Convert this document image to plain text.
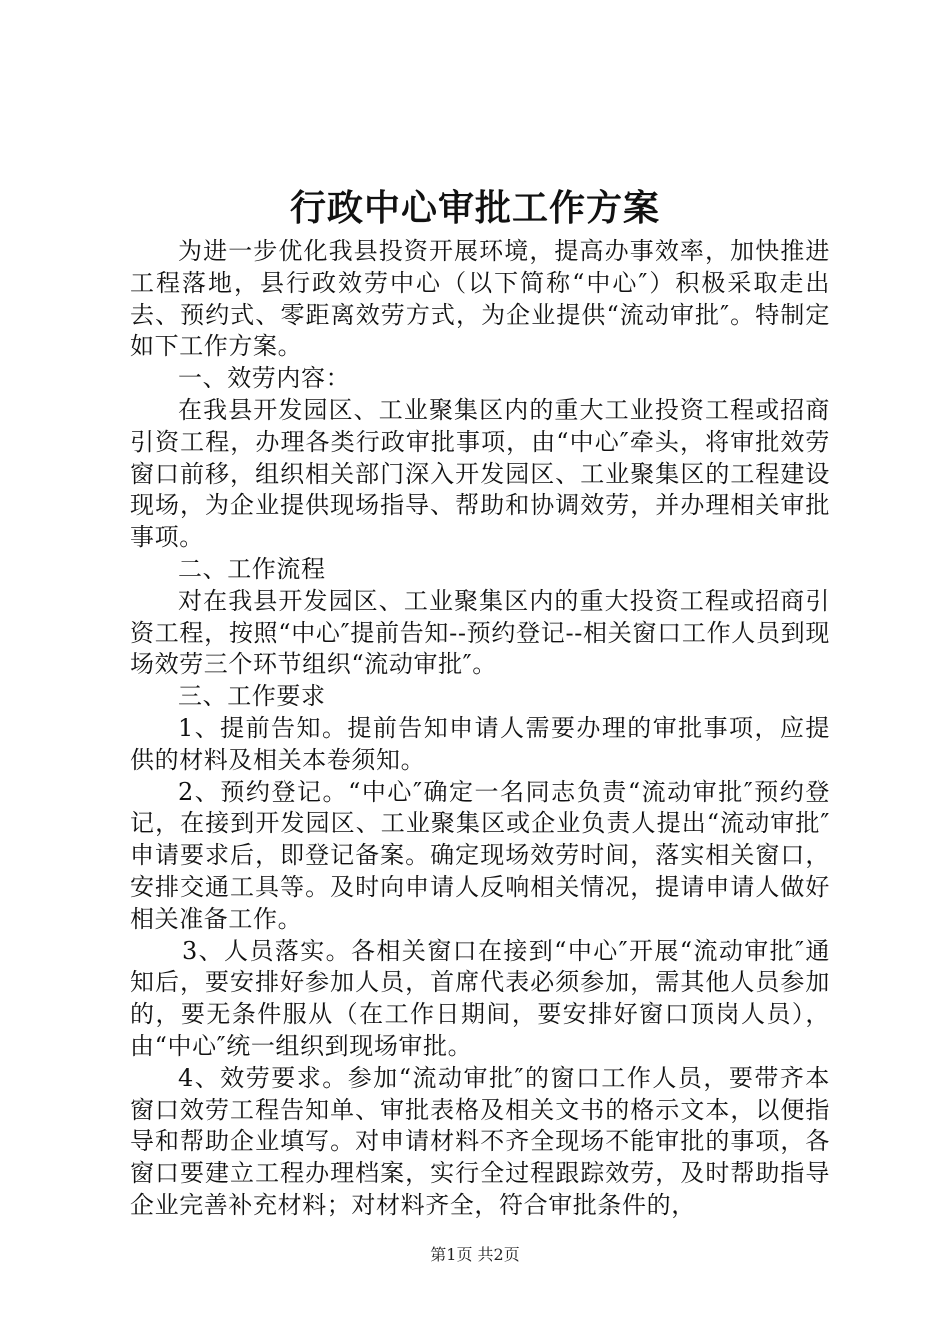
行政中心审批工作方案

为进一步优化我县投资开展环境，提高办事效率，加快推进工程落地，县行政效劳中心（以下简称“中心″）积极采取走出去、预约式、零距离效劳方式，为企业提供“流动审批″。特制定如下工作方案。

一、效劳内容：

在我县开发园区、工业聚集区内的重大工业投资工程或招商引资工程，办理各类行政审批事项，由“中心″牵头，将审批效劳窗口前移，组织相关部门深入开发园区、工业聚集区的工程建设现场，为企业提供现场指导、帮助和协调效劳，并办理相关审批事项。

二、工作流程

对在我县开发园区、工业聚集区内的重大投资工程或招商引资工程，按照“中心″提前告知--预约登记--相关窗口工作人员到现场效劳三个环节组织“流动审批″。

三、工作要求

1、提前告知。提前告知申请人需要办理的审批事项，应提供的材料及相关本卷须知。

2、预约登记。“中心″确定一名同志负责“流动审批″预约登记，在接到开发园区、工业聚集区或企业负责人提出“流动审批″申请要求后，即登记备案。确定现场效劳时间，落实相关窗口，安排交通工具等。及时向申请人反响相关情况，提请申请人做好相关准备工作。

3、人员落实。各相关窗口在接到“中心″开展“流动审批″通知后，要安排好参加人员，首席代表必须参加，需其他人员参加的，要无条件服从（在工作日期间，要安排好窗口顶岗人员），由“中心″统一组织到现场审批。

4、效劳要求。参加“流动审批″的窗口工作人员，要带齐本窗口效劳工程告知单、审批表格及相关文书的格示文本，以便指导和帮助企业填写。对申请材料不齐全现场不能审批的事项，各窗口要建立工程办理档案，实行全过程跟踪效劳，及时帮助指导企业完善补充材料；对材料齐全，符合审批条件的，

第1页 共2页
